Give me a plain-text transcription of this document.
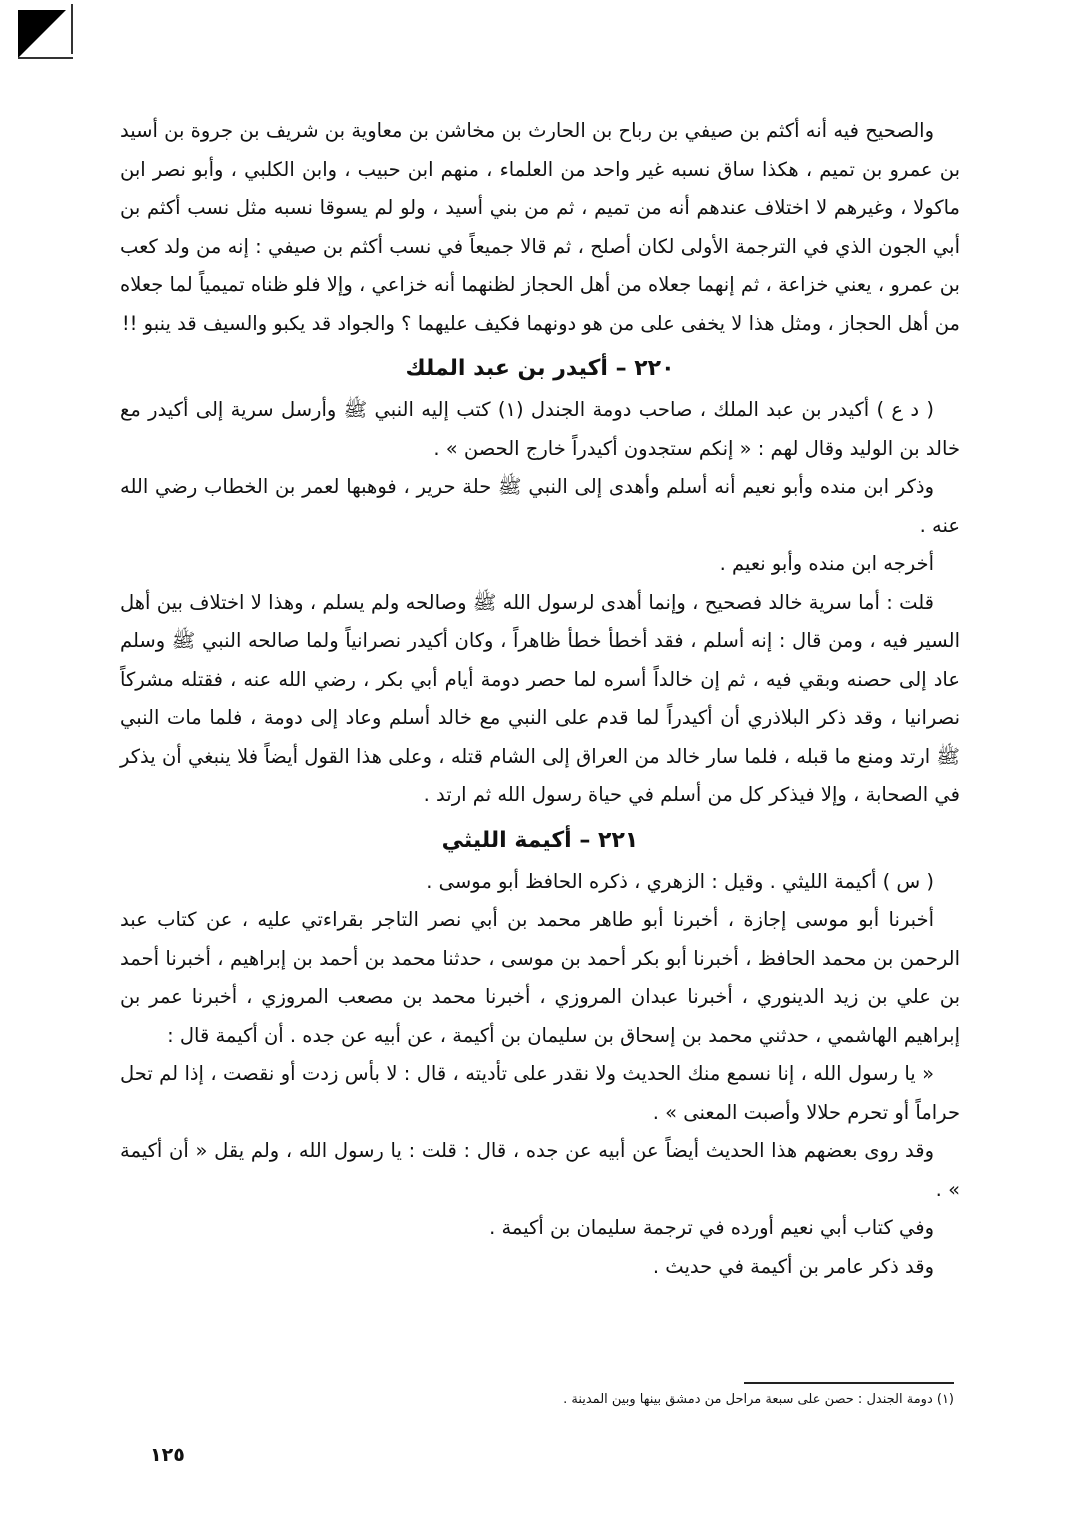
والصحيح فيه أنه أكثم بن صيفي بن رباح بن الحارث بن مخاشن بن معاوية بن شريف بن جروة بن أسيد بن عمرو بن تميم ، هكذا ساق نسبه غير واحد من العلماء ، منهم ابن حبيب ، وابن الكلبي ، وأبو نصر ابن ماكولا ، وغيرهم لا اختلاف عندهم أنه من تميم ، ثم من بني أسيد ، ولو لم يسوقا نسبه مثل نسب أكثم بن أبي الجون الذي في الترجمة الأولى لكان أصلح ، ثم قالا جميعاً في نسب أكثم بن صيفي : إنه من ولد كعب بن عمرو ، يعني خزاعة ، ثم إنهما جعلاه من أهل الحجاز لظنهما أنه خزاعي ، وإلا فلو ظناه تميمياً لما جعلاه من أهل الحجاز ، ومثل هذا لا يخفى على من هو دونهما فكيف عليهما ؟ والجواد قد يكبو والسيف قد ينبو !!

٢٢٠ – أكيدر بن عبد الملك

( د ع ) أكيدر بن عبد الملك ، صاحب دومة الجندل (١) كتب إليه النبي ﷺ وأرسل سرية إلى أكيدر مع خالد بن الوليد وقال لهم : « إنكم ستجدون أكيدراً خارج الحصن » .

وذكر ابن منده وأبو نعيم أنه أسلم وأهدى إلى النبي ﷺ حلة حرير ، فوهبها لعمر بن الخطاب رضي الله عنه .

أخرجه ابن منده وأبو نعيم .

قلت : أما سرية خالد فصحيح ، وإنما أهدى لرسول الله ﷺ وصالحه ولم يسلم ، وهذا لا اختلاف بين أهل السير فيه ، ومن قال : إنه أسلم ، فقد أخطأ خطأ ظاهراً ، وكان أكيدر نصرانياً ولما صالحه النبي ﷺ وسلم عاد إلى حصنه وبقي فيه ، ثم إن خالداً أسره لما حصر دومة أيام أبي بكر ، رضي الله عنه ، فقتله مشركاً نصرانيا ، وقد ذكر البلاذري أن أكيدراً لما قدم على النبي مع خالد أسلم وعاد إلى دومة ، فلما مات النبي ﷺ ارتد ومنع ما قبله ، فلما سار خالد من العراق إلى الشام قتله ، وعلى هذا القول أيضاً فلا ينبغي أن يذكر في الصحابة ، وإلا فيذكر كل من أسلم في حياة رسول الله ثم ارتد .

٢٢١ – أكيمة الليثي

( س ) أكيمة الليثي . وقيل : الزهري ، ذكره الحافظ أبو موسى .

أخبرنا أبو موسى إجازة ، أخبرنا أبو طاهر محمد بن أبي نصر التاجر بقراءتي عليه ، عن كتاب عبد الرحمن بن محمد الحافظ ، أخبرنا أبو بكر أحمد بن موسى ، حدثنا محمد بن أحمد بن إبراهيم ، أخبرنا أحمد بن علي بن زيد الدينوري ، أخبرنا عبدان المروزي ، أخبرنا محمد بن مصعب المروزي ، أخبرنا عمر بن إبراهيم الهاشمي ، حدثني محمد بن إسحاق بن سليمان بن أكيمة ، عن أبيه عن جده . أن أكيمة قال :

« يا رسول الله ، إنا نسمع منك الحديث ولا نقدر على تأديته ، قال : لا بأس زدت أو نقصت ، إذا لم تحل حراماً أو تحرم حلالا وأصبت المعنى » .

وقد روى بعضهم هذا الحديث أيضاً عن أبيه عن جده ، قال : قلت : يا رسول الله ، ولم يقل « أن أكيمة » .

وفي كتاب أبي نعيم أورده في ترجمة سليمان بن أكيمة .

وقد ذكر عامر بن أكيمة في حديث .

(١) دومة الجندل : حصن على سبعة مراحل من دمشق بينها وبين المدينة .
١٢٥
